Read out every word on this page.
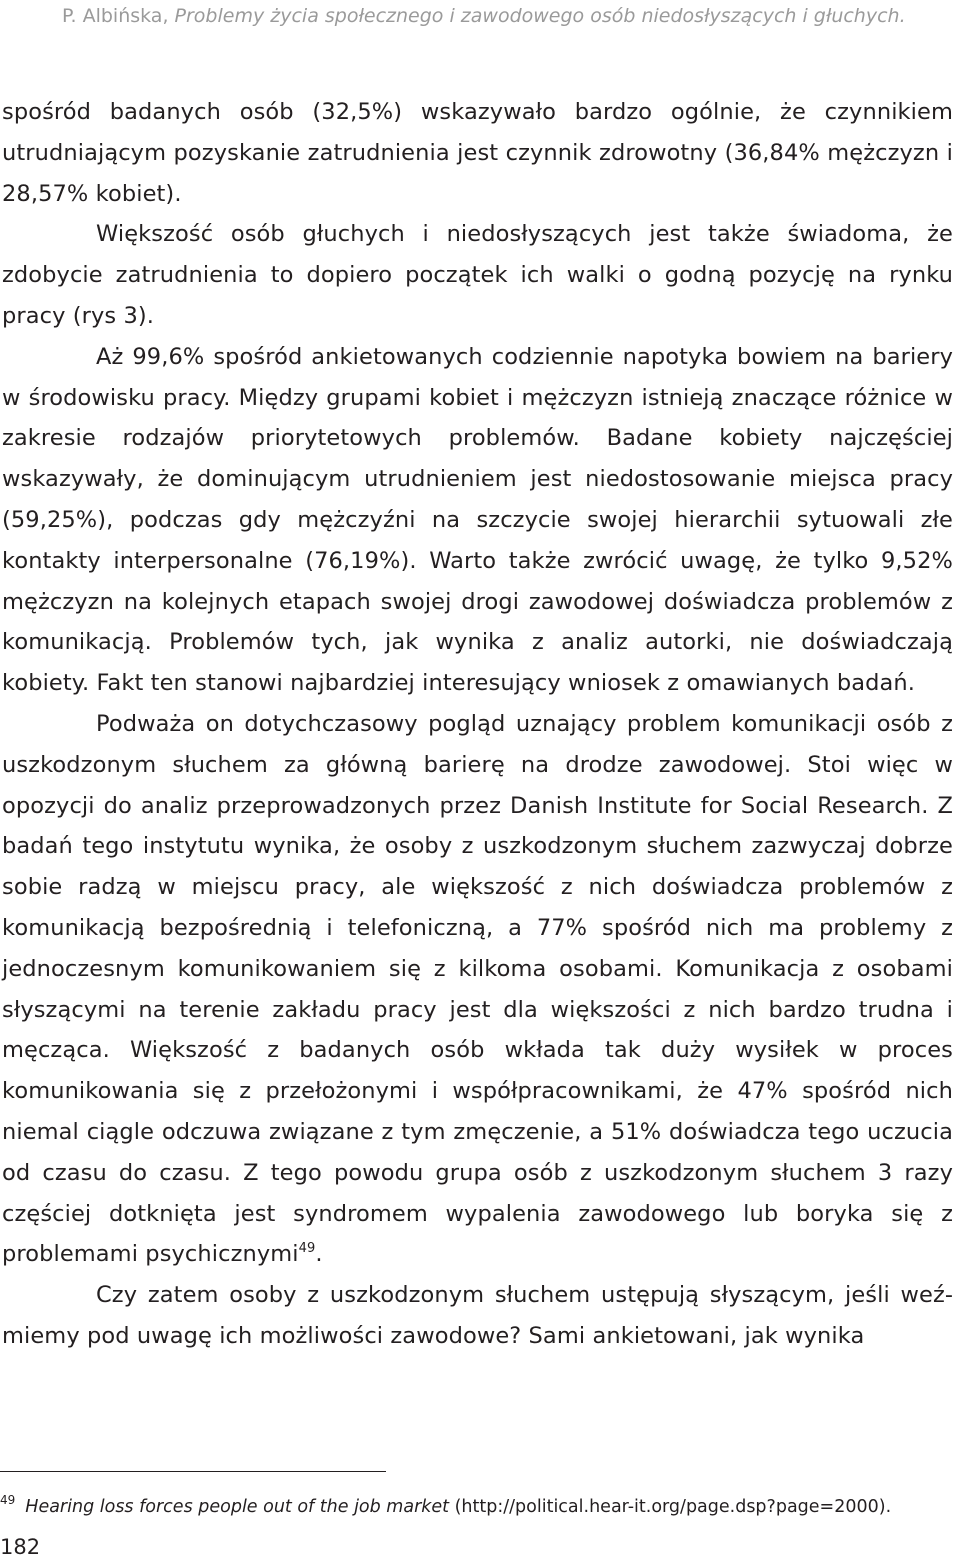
P. Albińska, Problemy życia społecznego i zawodowego osób niedosłyszących i głuchych.

spośród badanych osób (32,5%) wskazywało bardzo ogólnie, że czynnikiem utrudniającym pozyskanie zatrudnienia jest czynnik zdrowotny (36,84% mężczyzn i 28,57% kobiet).

Większość osób głuchych i niedosłyszących jest także świadoma, że zdobycie zatrudnienia to dopiero początek ich walki o godną pozycję na rynku pracy (rys 3).

Aż 99,6% spośród ankietowanych codziennie napotyka bowiem na bariery w środowisku pracy. Między grupami kobiet i mężczyzn istnieją znaczące różnice w zakresie rodzajów priorytetowych problemów. Badane kobiety najczęściej wskazywały, że dominującym utrudnieniem jest niedostosowanie miejsca pracy (59,25%), podczas gdy mężczyźni na szczycie swojej hierarchii sytuowali złe kontakty interpersonalne (76,19%). Warto także zwrócić uwagę, że tylko 9,52% mężczyzn na kolejnych etapach swojej drogi zawodowej doświadcza problemów z komunikacją. Problemów tych, jak wynika z analiz autorki, nie doświadczają kobiety. Fakt ten stanowi najbardziej interesujący wniosek z omawianych badań.

Podważa on dotychczasowy pogląd uznający problem komunikacji osób z uszkodzonym słuchem za główną barierę na drodze zawodowej. Stoi więc w opozycji do analiz przeprowadzonych przez Danish Institute for Social Research. Z badań tego instytutu wynika, że osoby z uszkodzonym słuchem zazwyczaj dobrze sobie radzą w miejscu pracy, ale większość z nich doświadcza problemów z komunikacją bezpośrednią i telefoniczną, a 77% spośród nich ma problemy z jednoczesnym komunikowaniem się z kilkoma osobami. Komunikacja z osobami słyszącymi na terenie zakładu pracy jest dla większości z nich bardzo trudna i męcząca. Większość z badanych osób wkłada tak duży wysiłek w proces komunikowania się z przełożonymi i współpracownikami, że 47% spośród nich niemal ciągle odczuwa związane z tym zmęczenie, a 51% doświadcza tego uczucia od czasu do czasu. Z tego powodu grupa osób z uszkodzonym słuchem 3 razy częściej dotknięta jest syndromem wypalenia zawodowego lub boryka się z problemami psychicznymi$^{49}$.

Czy zatem osoby z uszkodzonym słuchem ustępują słyszącym, jeśli weźmiemy pod uwagę ich możliwości zawodowe? Sami ankietowani, jak wynika

$^{49}$ Hearing loss forces people out of the job market (http://political.hear-it.org/page.dsp?page=2000).
182
